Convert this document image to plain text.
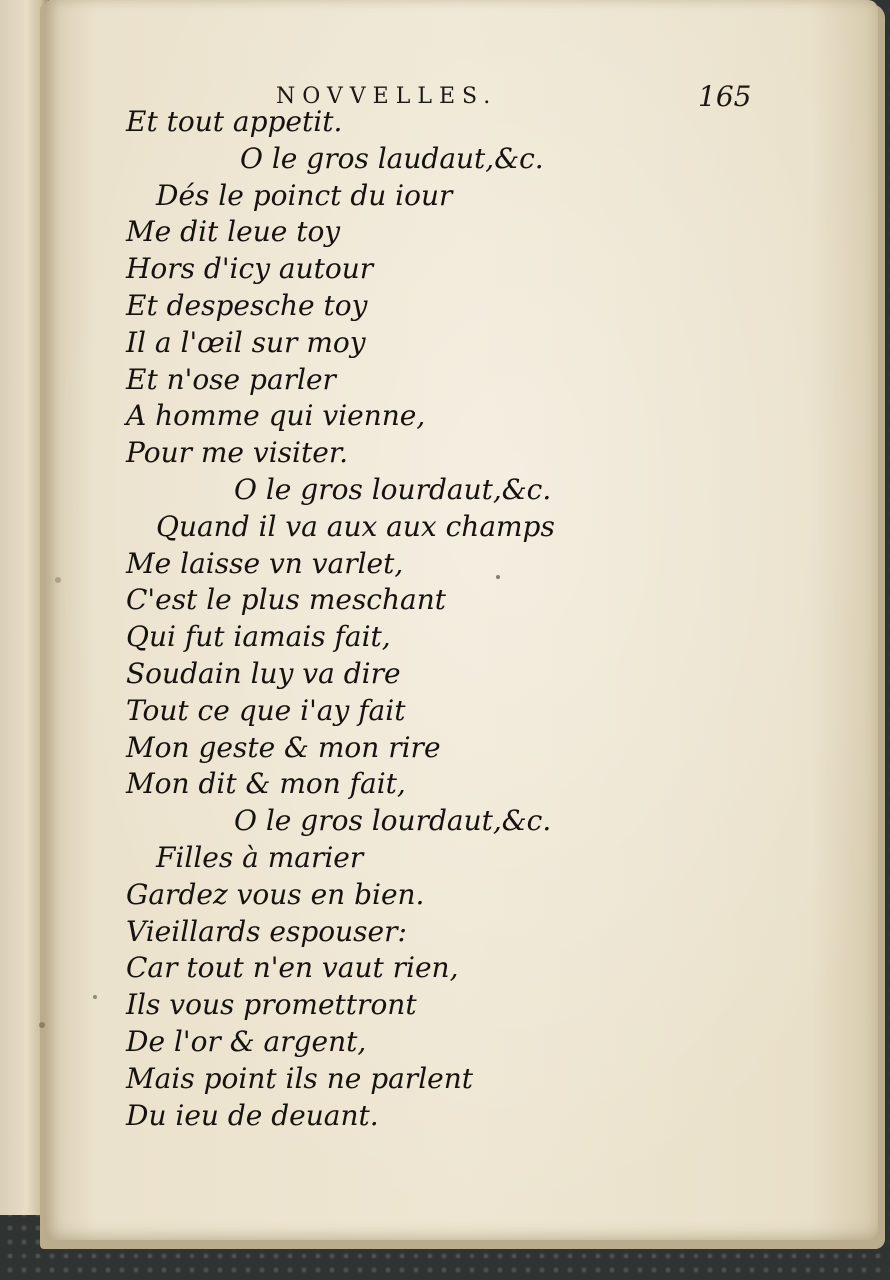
NOVVELLES.	165

Et tout appetit.
O le gros laudaut,&c.
Dés le poinct du iour
Me dit leue toy
Hors d'icy autour
Et despesche toy
Il a l'œil sur moy
Et n'ose parler
A homme qui vienne,
Pour me visiter.
O le gros lourdaut,&c.
Quand il va aux aux champs
Me laisse vn varlet,
C'est le plus meschant
Qui fut iamais fait,
Soudain luy va dire
Tout ce que i'ay fait
Mon geste & mon rire
Mon dit & mon fait,
O le gros lourdaut,&c.
Filles à marier
Gardez vous en bien.
Vieillards espouser:
Car tout n'en vaut rien,
Ils vous promettront
De l'or & argent,
Mais point ils ne parlent
Du ieu de deuant.
